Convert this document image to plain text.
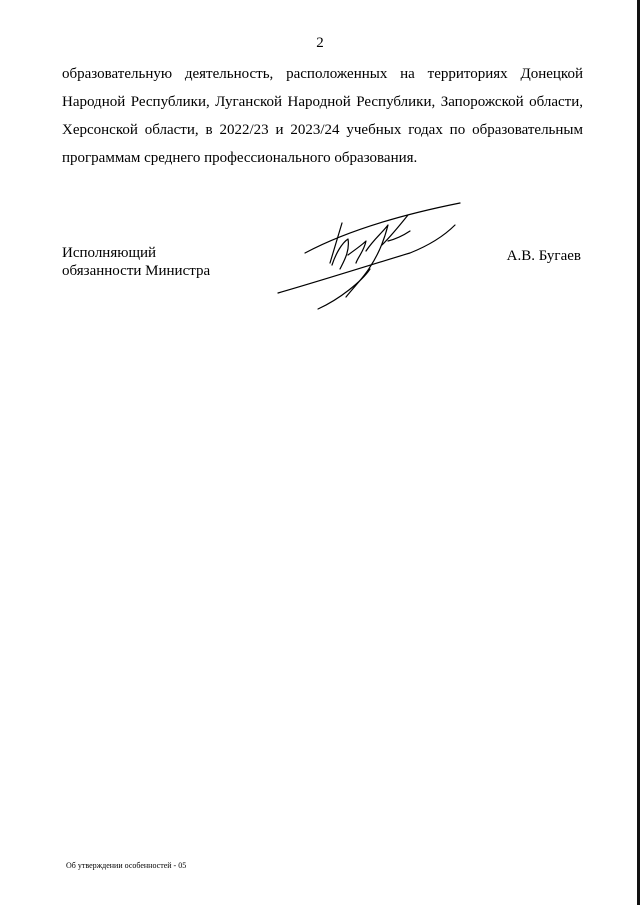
2

образовательную деятельность, расположенных на территориях Донецкой Народной Республики, Луганской Народной Республики, Запорожской области, Херсонской области, в 2022/23 и 2023/24 учебных годах по образовательным программам среднего профессионального образования.

Исполняющий
обязанности Министра
А.В. Бугаев
Об утверждении особенностей - 05
